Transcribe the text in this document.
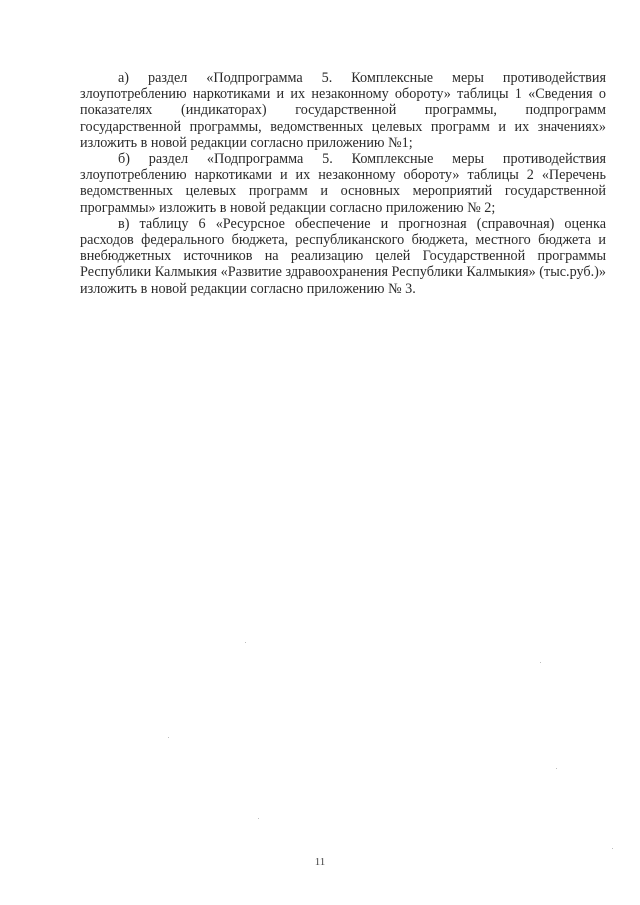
а) раздел «Подпрограмма 5. Комплексные меры противодействия злоупотреблению наркотиками и их незаконному обороту» таблицы 1 «Сведения о показателях (индикаторах) государственной программы, подпрограмм государственной программы, ведомственных целевых программ и их значениях» изложить в новой редакции согласно приложению №1;

б) раздел «Подпрограмма 5. Комплексные меры противодействия злоупотреблению наркотиками и их незаконному обороту» таблицы 2 «Перечень ведомственных целевых программ и основных мероприятий государственной программы» изложить в новой редакции согласно приложению № 2;

в) таблицу 6 «Ресурсное обеспечение и прогнозная (справочная) оценка расходов федерального бюджета, республиканского бюджета, местного бюджета и внебюджетных источников на реализацию целей Государственной программы Республики Калмыкия «Развитие здравоохранения Республики Калмыкия» (тыс.руб.)» изложить в новой редакции согласно приложению № 3.

11
